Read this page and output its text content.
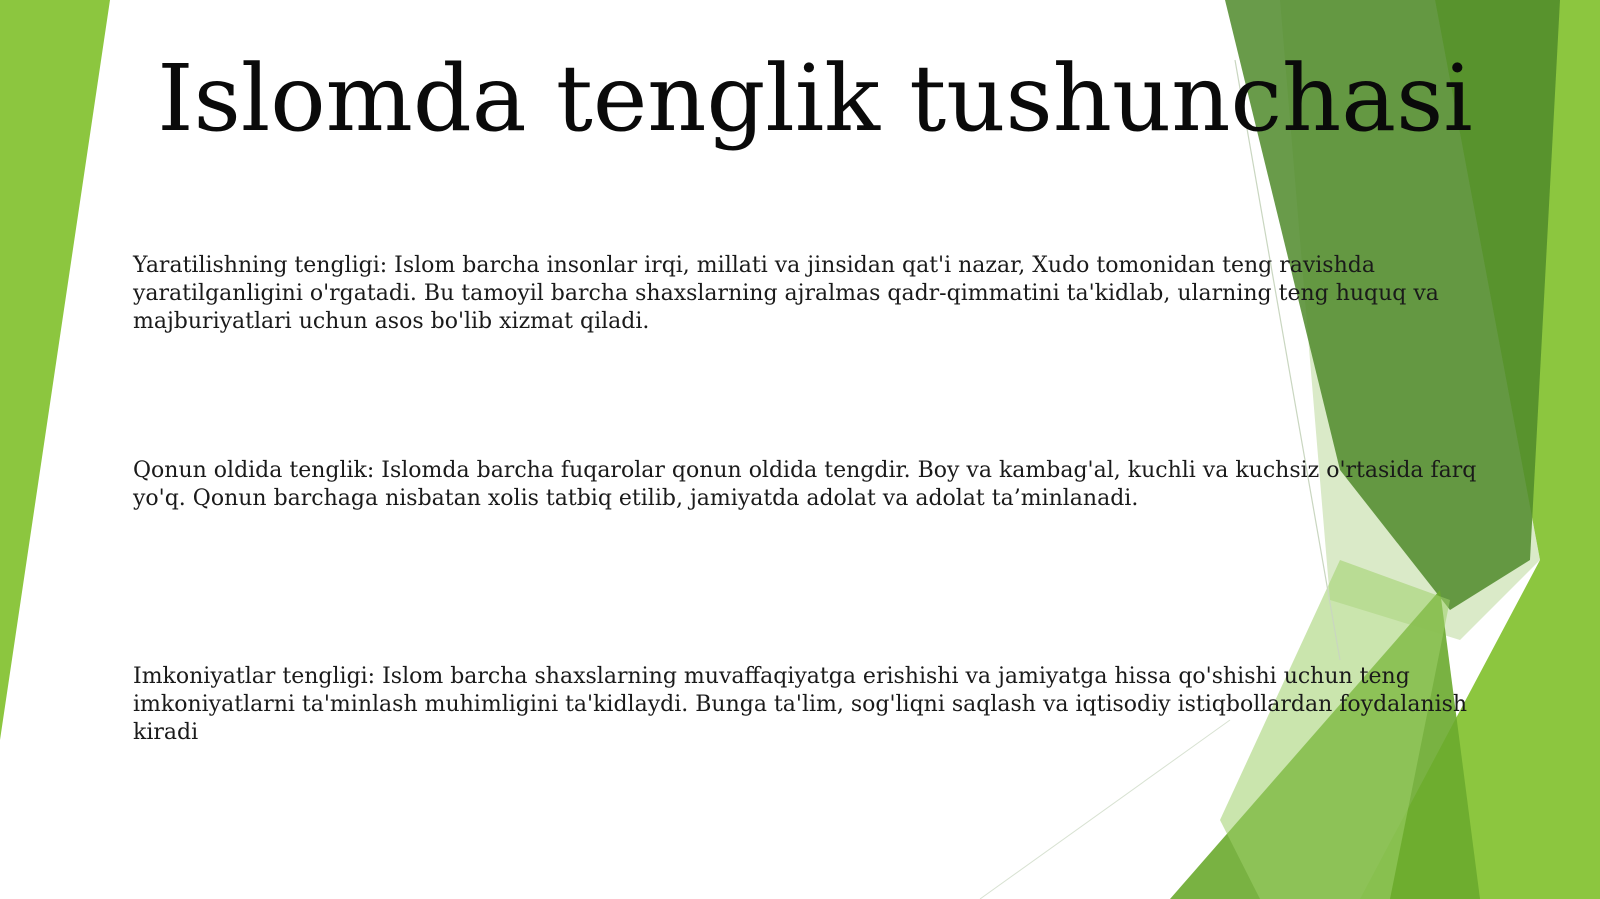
Islomda tenglik tushunchasi

Yaratilishning tengligi: Islom barcha insonlar irqi, millati va jinsidan qat'i nazar, Xudo tomonidan teng ravishda yaratilganligini o'rgatadi. Bu tamoyil barcha shaxslarning ajralmas qadr-qimmatini ta'kidlab, ularning teng huquq va majburiyatlari uchun asos bo'lib xizmat qiladi.

Qonun oldida tenglik: Islomda barcha fuqarolar qonun oldida tengdir. Boy va kambag'al, kuchli va kuchsiz o'rtasida farq yo'q. Qonun barchaga nisbatan xolis tatbiq etilib, jamiyatda adolat va adolat ta’minlanadi.

Imkoniyatlar tengligi: Islom barcha shaxslarning muvaffaqiyatga erishishi va jamiyatga hissa qo'shishi uchun teng imkoniyatlarni ta'minlash muhimligini ta'kidlaydi. Bunga ta'lim, sog'liqni saqlash va iqtisodiy istiqbollardan foydalanish kiradi
